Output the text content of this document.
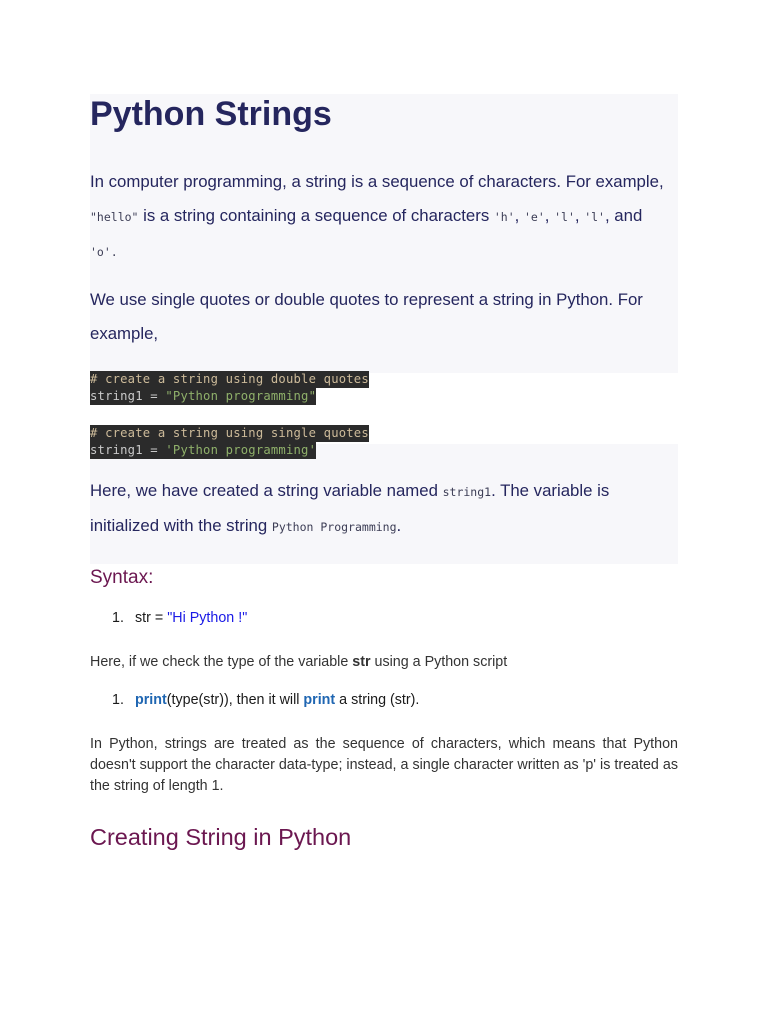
Python Strings

In computer programming, a string is a sequence of characters. For example,
"hello" is a string containing a sequence of characters 'h', 'e', 'l', 'l', and
'o'.

We use single quotes or double quotes to represent a string in Python. For example,

# create a string using double quotes
string1 = "Python programming"
# create a string using single quotes
string1 = 'Python programming'

Here, we have created a string variable named string1. The variable is initialized with the string Python Programming.

Syntax:
1. str = "Hi Python !"

Here, if we check the type of the variable str using a Python script

1. print(type(str)), then it will print a string (str).

In Python, strings are treated as the sequence of characters, which means that Python doesn't support the character data-type; instead, a single character written as 'p' is treated as the string of length 1.

Creating String in Python
